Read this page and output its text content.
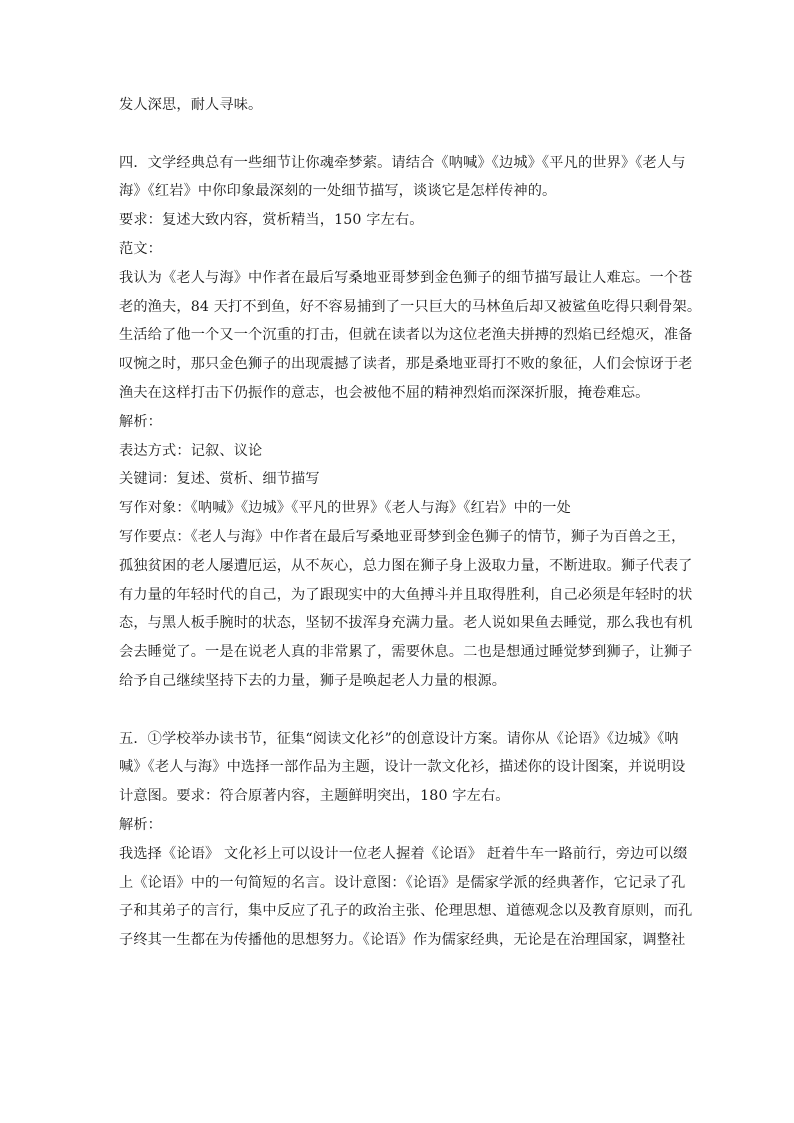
发人深思，耐人寻味。
四．文学经典总有一些细节让你魂牵梦萦。请结合《呐喊》《边城》《平凡的世界》《老人与
海》《红岩》中你印象最深刻的一处细节描写，谈谈它是怎样传神的。
要求：复述大致内容，赏析精当，150 字左右。
范文：
我认为《老人与海》中作者在最后写桑地亚哥梦到金色狮子的细节描写最让人难忘。一个苍
老的渔夫，84 天打不到鱼，好不容易捕到了一只巨大的马林鱼后却又被鲨鱼吃得只剩骨架。
生活给了他一个又一个沉重的打击，但就在读者以为这位老渔夫拼搏的烈焰已经熄灭，准备
叹惋之时，那只金色狮子的出现震撼了读者，那是桑地亚哥打不败的象征，人们会惊讶于老
渔夫在这样打击下仍振作的意志，也会被他不屈的精神烈焰而深深折服，掩卷难忘。
解析：
表达方式：记叙、议论
关键词：复述、赏析、细节描写
写作对象：《呐喊》《边城》《平凡的世界》《老人与海》《红岩》中的一处
写作要点：《老人与海》中作者在最后写桑地亚哥梦到金色狮子的情节，狮子为百兽之王，
孤独贫困的老人屡遭厄运，从不灰心，总力图在狮子身上汲取力量，不断进取。狮子代表了
有力量的年轻时代的自己，为了跟现实中的大鱼搏斗并且取得胜利，自己必须是年轻时的状
态，与黑人板手腕时的状态，坚韧不拔浑身充满力量。老人说如果鱼去睡觉，那么我也有机
会去睡觉了。一是在说老人真的非常累了，需要休息。二也是想通过睡觉梦到狮子，让狮子
给予自己继续坚持下去的力量，狮子是唤起老人力量的根源。
五．①学校举办读书节，征集“阅读文化衫”的创意设计方案。请你从《论语》《边城》《呐
喊》《老人与海》中选择一部作品为主题，设计一款文化衫，描述你的设计图案，并说明设
计意图。要求：符合原著内容，主题鲜明突出，180 字左右。
解析：
我选择《论语》 文化衫上可以设计一位老人握着《论语》 赶着牛车一路前行，旁边可以缀
上《论语》中的一句简短的名言。设计意图：《论语》是儒家学派的经典著作，它记录了孔
子和其弟子的言行，集中反应了孔子的政治主张、伦理思想、道德观念以及教育原则，而孔
子终其一生都在为传播他的思想努力。《论语》作为儒家经典，无论是在治理国家，调整社
